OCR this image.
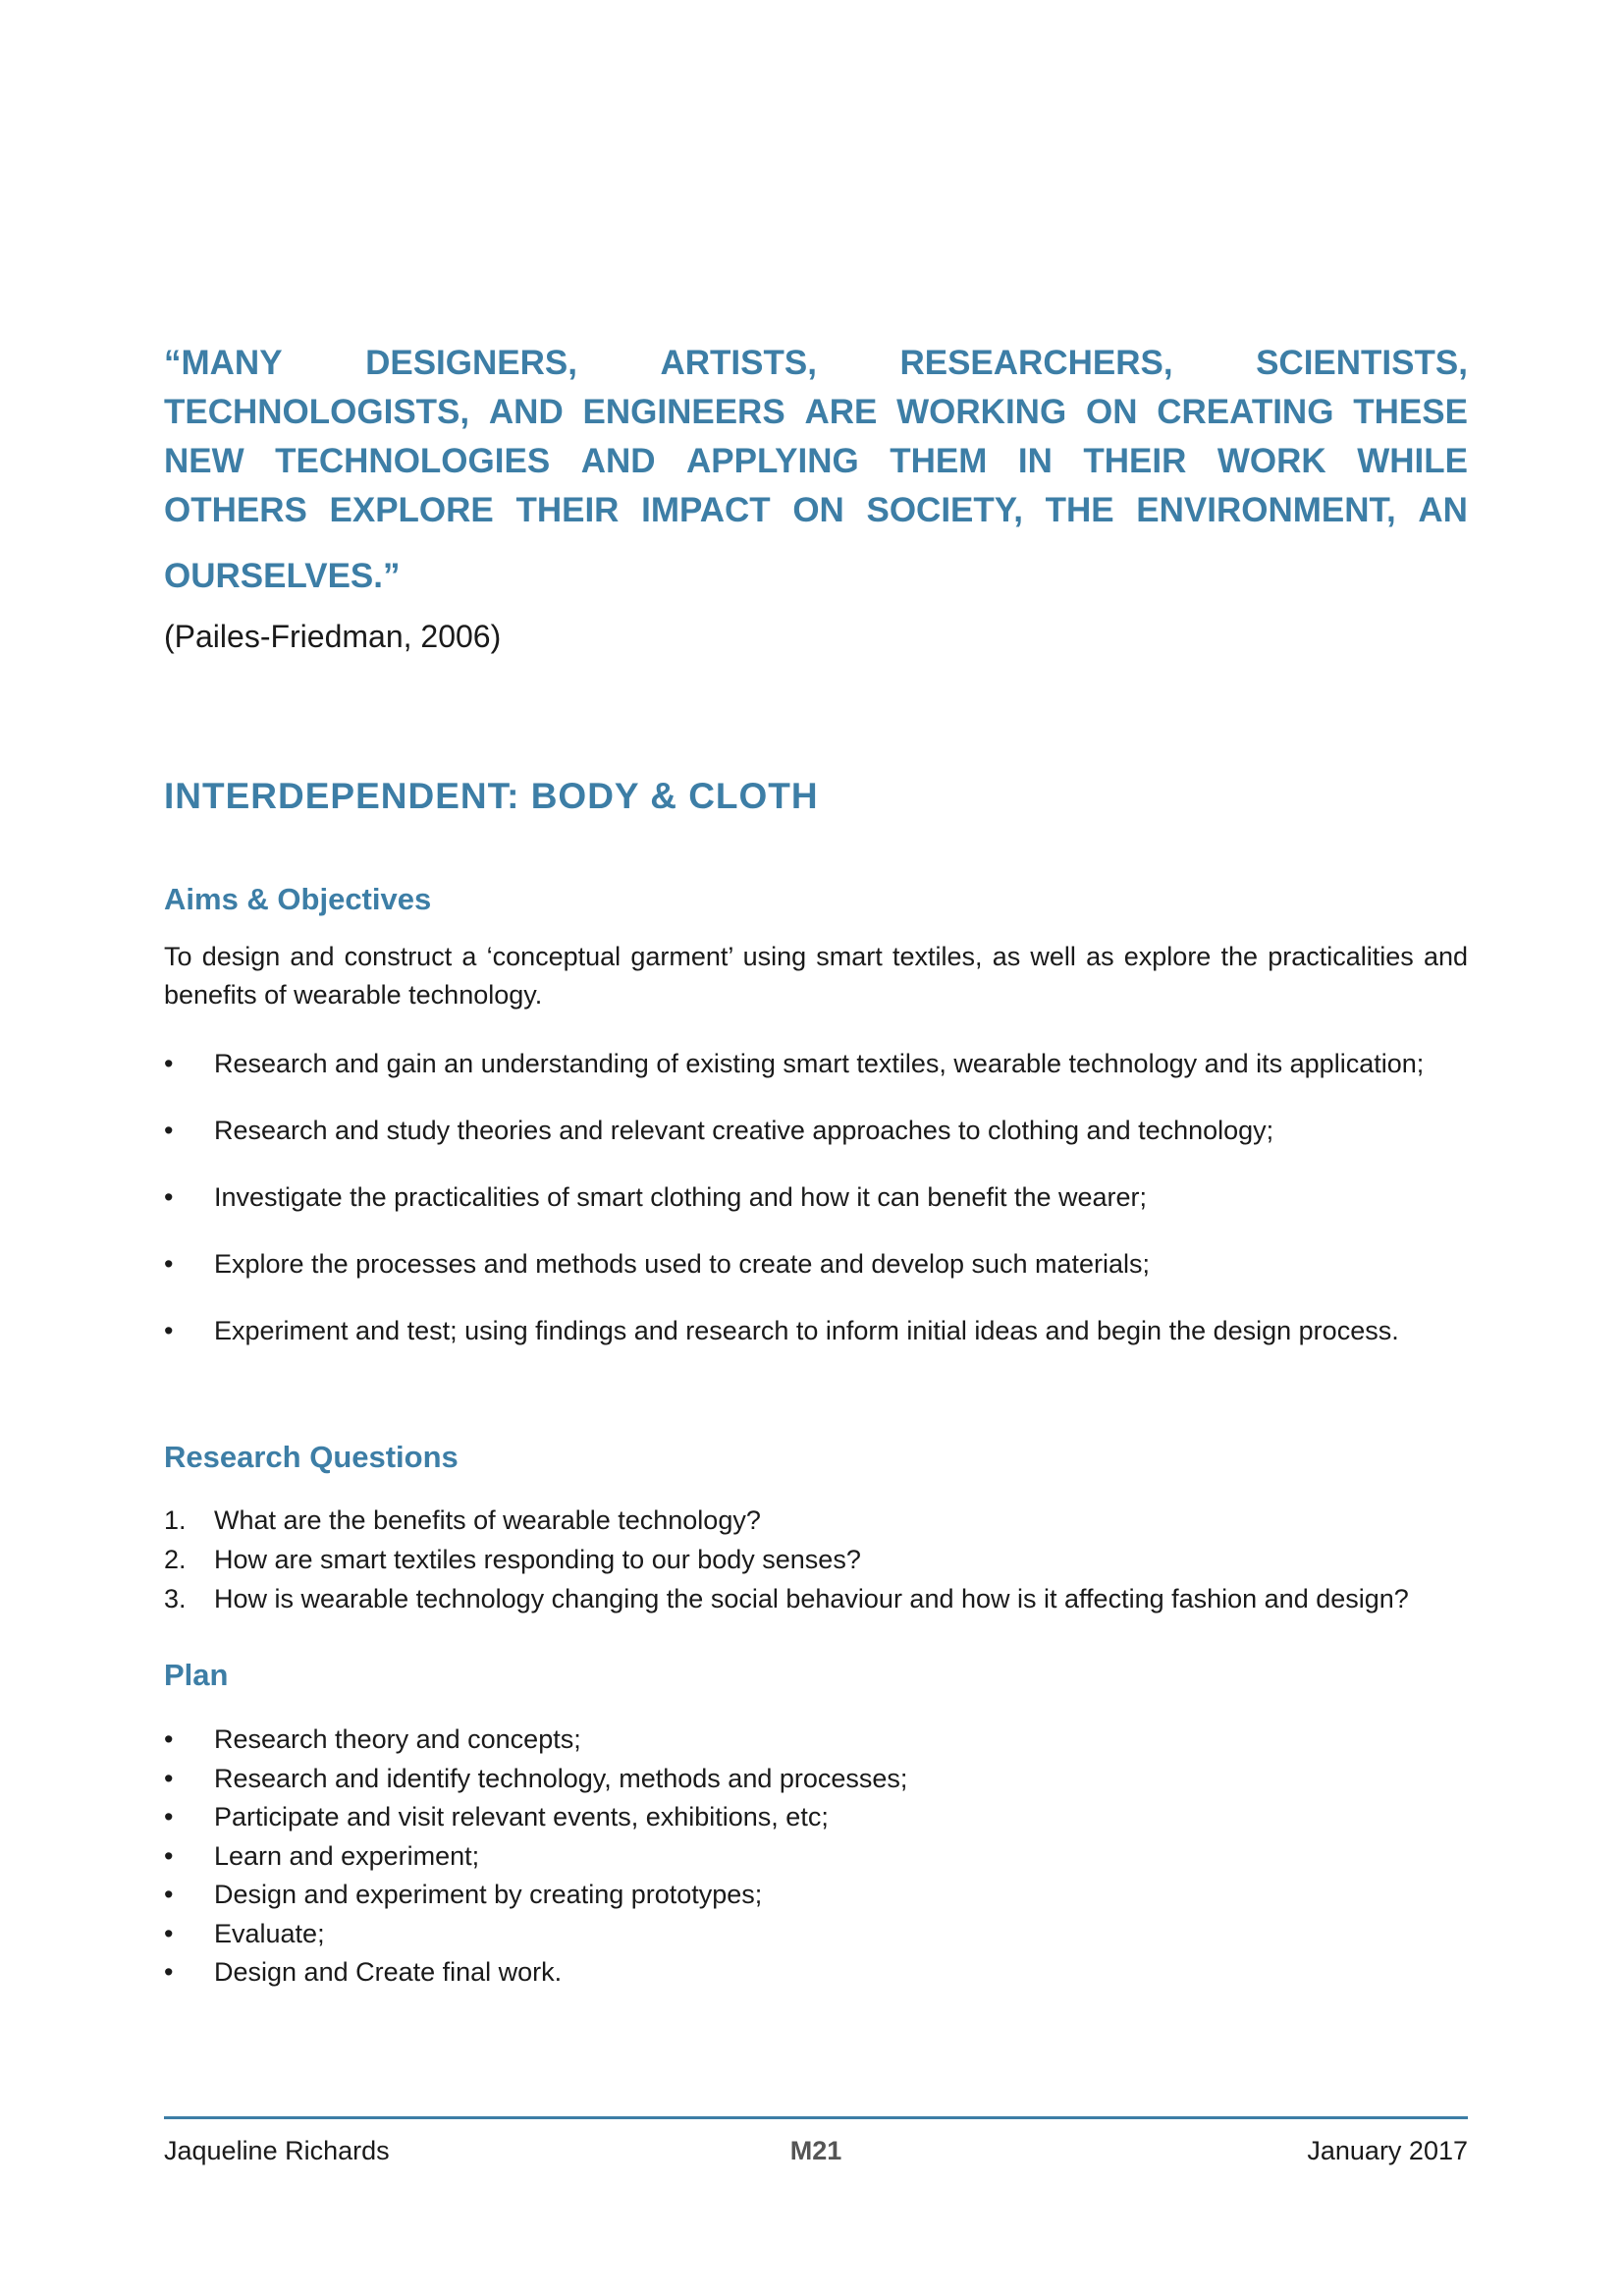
“MANY DESIGNERS, ARTISTS, RESEARCHERS, SCIENTISTS,
TECHNOLOGISTS, AND ENGINEERS ARE WORKING ON CREATING THESE
NEW TECHNOLOGIES AND APPLYING THEM IN THEIR WORK WHILE
OTHERS EXPLORE THEIR IMPACT ON SOCIETY, THE ENVIRONMENT, AN
OURSELVES.”
(Pailes-Friedman, 2006)
INTERDEPENDENT: BODY & CLOTH
Aims & Objectives
To design and construct a ‘conceptual garment’ using smart textiles, as well as explore the practicalities and benefits of wearable technology.
• Research and gain an understanding of existing smart textiles, wearable technology and its application;
• Research and study theories and relevant creative approaches to clothing and technology;
• Investigate the practicalities of smart clothing and how it can benefit the wearer;
• Explore the processes and methods used to create and develop such materials;
• Experiment and test; using findings and research to inform initial ideas and begin the design process.
Research Questions
1. What are the benefits of wearable technology?
2. How are smart textiles responding to our body senses?
3. How is wearable technology changing the social behaviour and how is it affecting fashion and design?
Plan
• Research theory and concepts;
• Research and identify technology, methods and processes;
• Participate and visit relevant events, exhibitions, etc;
• Learn and experiment;
• Design and experiment by creating prototypes;
• Evaluate;
• Design and Create final work.
Jaqueline Richards	M21	January 2017
